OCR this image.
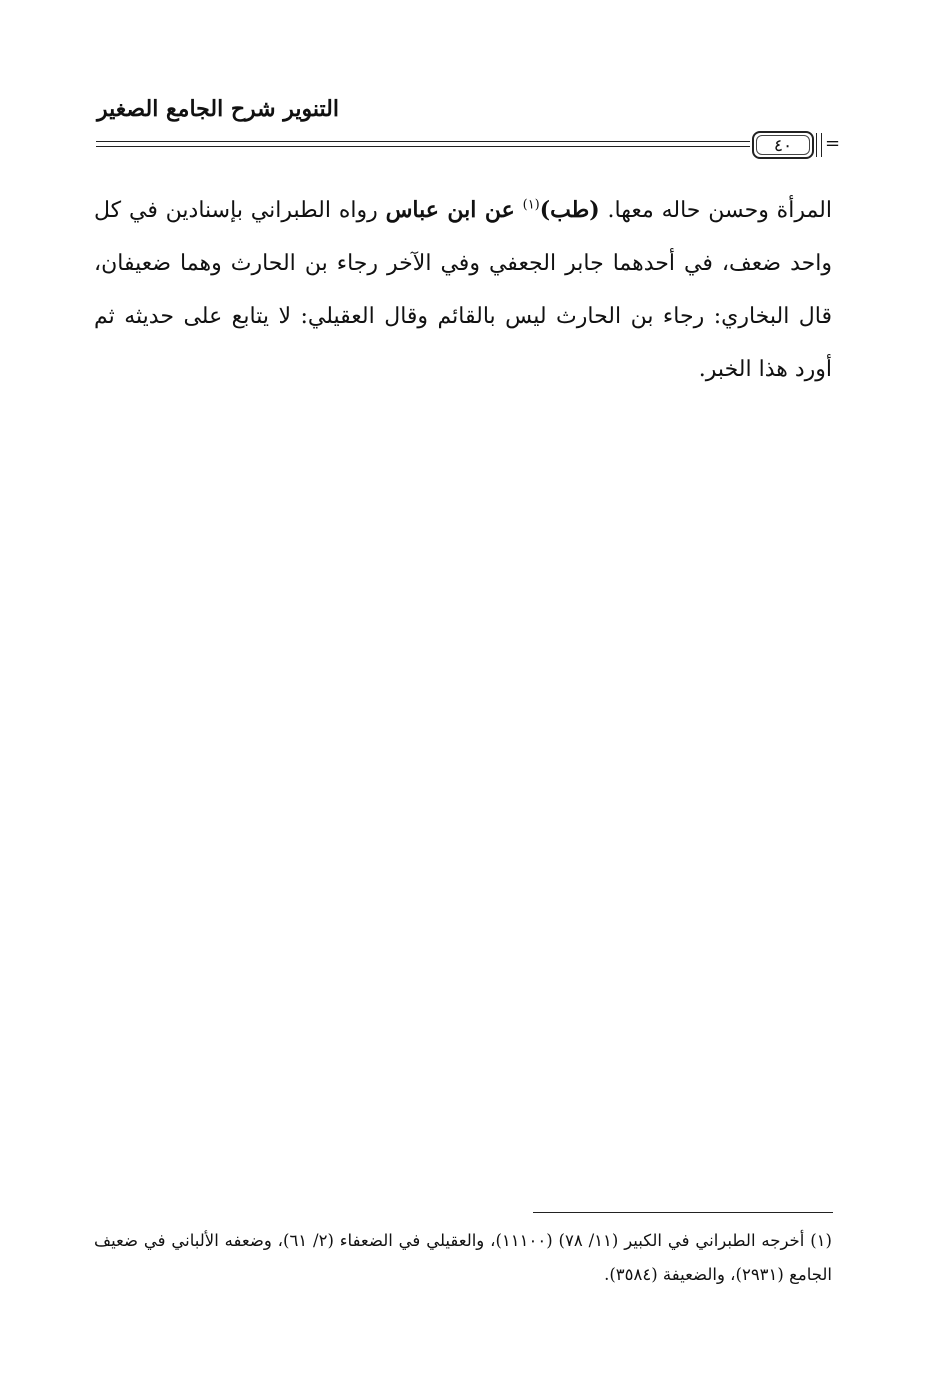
التنوير شرح الجامع الصغير
٤٠	=
المرأة وحسن حاله معها. (طب)$^{(١)}$ عن ابن عباس رواه الطبراني بإسنادين في كل واحد ضعف، في أحدهما جابر الجعفي وفي الآخر رجاء بن الحارث وهما ضعيفان، قال البخاري: رجاء بن الحارث ليس بالقائم وقال العقيلي: لا يتابع على حديثه ثم أورد هذا الخبر.
(١) أخرجه الطبراني في الكبير (١١/ ٧٨) (١١١٠٠)، والعقيلي في الضعفاء (٢/ ٦١)، وضعفه الألباني في ضعيف الجامع (٢٩٣١)، والضعيفة (٣٥٨٤).
